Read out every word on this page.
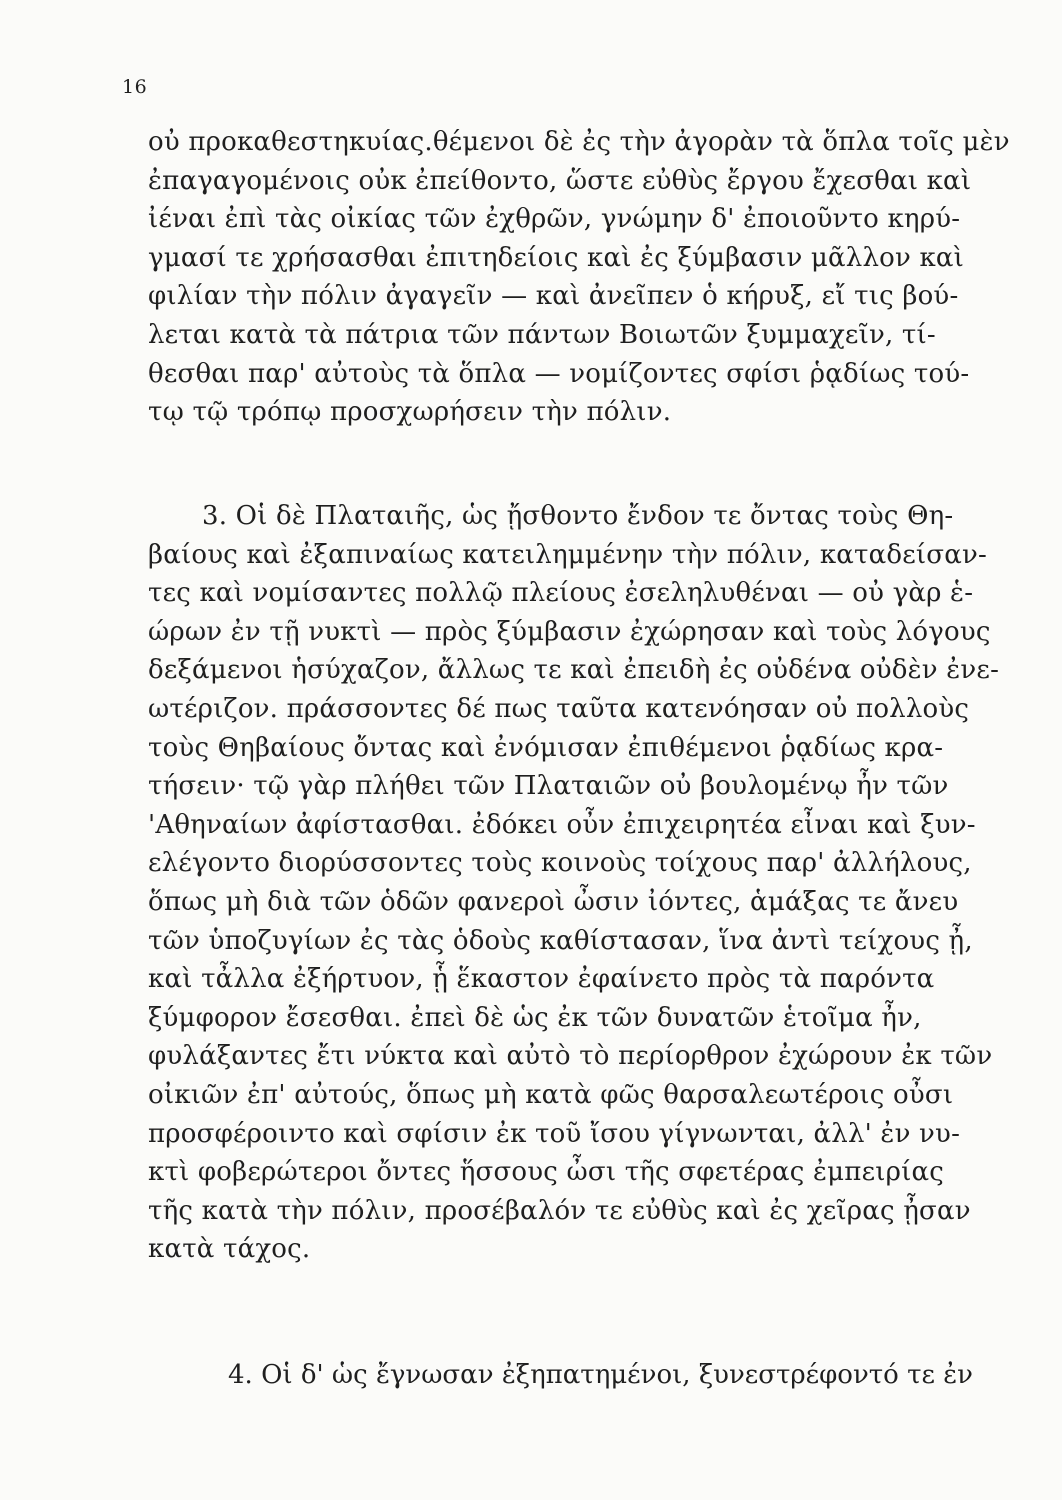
16
οὐ προκαθεστηκυίας.θέμενοι δὲ ἐς τὴν ἀγορὰν τὰ ὅπλα τοῖς μὲν
ἐπαγαγομένοις οὐκ ἐπείθοντο, ὥστε εὐθὺς ἔργου ἔχεσθαι καὶ
ἰέναι ἐπὶ τὰς οἰκίας τῶν ἐχθρῶν, γνώμην δ' ἐποιοῦντο κηρύ-
γμασί τε χρήσασθαι ἐπιτηδείοις καὶ ἐς ξύμβασιν μᾶλλον καὶ
φιλίαν τὴν πόλιν ἀγαγεῖν — καὶ ἀνεῖπεν ὁ κήρυξ, εἴ τις βού-
λεται κατὰ τὰ πάτρια τῶν πάντων Βοιωτῶν ξυμμαχεῖν, τί-
θεσθαι παρ' αὐτοὺς τὰ ὅπλα — νομίζοντες σφίσι ῥᾳδίως τού-
τῳ τῷ τρόπῳ προσχωρήσειν τὴν πόλιν.
3. Οἱ δὲ Πλαταιῆς, ὡς ᾔσθοντο ἔνδον τε ὄντας τοὺς Θη-
βαίους καὶ ἐξαπιναίως κατειλημμένην τὴν πόλιν, καταδείσαν-
τες καὶ νομίσαντες πολλῷ πλείους ἐσεληλυθέναι — οὐ γὰρ ἑ-
ώρων ἐν τῇ νυκτὶ — πρὸς ξύμβασιν ἐχώρησαν καὶ τοὺς λόγους
δεξάμενοι ἡσύχαζον, ἄλλως τε καὶ ἐπειδὴ ἐς οὐδένα οὐδὲν ἐνε-
ωτέριζον. πράσσοντες δέ πως ταῦτα κατενόησαν οὐ πολλοὺς
τοὺς Θηβαίους ὄντας καὶ ἐνόμισαν ἐπιθέμενοι ῥᾳδίως κρα-
τήσειν· τῷ γὰρ πλήθει τῶν Πλαταιῶν οὐ βουλομένῳ ἦν τῶν
'Αθηναίων ἀφίστασθαι. ἐδόκει οὖν ἐπιχειρητέα εἶναι καὶ ξυν-
ελέγοντο διορύσσοντες τοὺς κοινοὺς τοίχους παρ' ἀλλήλους,
ὅπως μὴ διὰ τῶν ὁδῶν φανεροὶ ὦσιν ἰόντες, ἁμάξας τε ἄνευ
τῶν ὑποζυγίων ἐς τὰς ὁδοὺς καθίστασαν, ἵνα ἀντὶ τείχους ᾖ,
καὶ τἆλλα ἐξήρτυον, ᾗ ἕκαστον ἐφαίνετο πρὸς τὰ παρόντα
ξύμφορον ἔσεσθαι. ἐπεὶ δὲ ὡς ἐκ τῶν δυνατῶν ἑτοῖμα ἦν,
φυλάξαντες ἔτι νύκτα καὶ αὐτὸ τὸ περίορθρον ἐχώρουν ἐκ τῶν
οἰκιῶν ἐπ' αὐτούς, ὅπως μὴ κατὰ φῶς θαρσαλεωτέροις οὖσι
προσφέροιντο καὶ σφίσιν ἐκ τοῦ ἴσου γίγνωνται, ἀλλ' ἐν νυ-
κτὶ φοβερώτεροι ὄντες ἥσσους ὦσι τῆς σφετέρας ἐμπειρίας
τῆς κατὰ τὴν πόλιν, προσέβαλόν τε εὐθὺς καὶ ἐς χεῖρας ᾖσαν
κατὰ τάχος.
4. Οἱ δ' ὡς ἔγνωσαν ἐξηπατημένοι, ξυνεστρέφοντό τε ἐν
